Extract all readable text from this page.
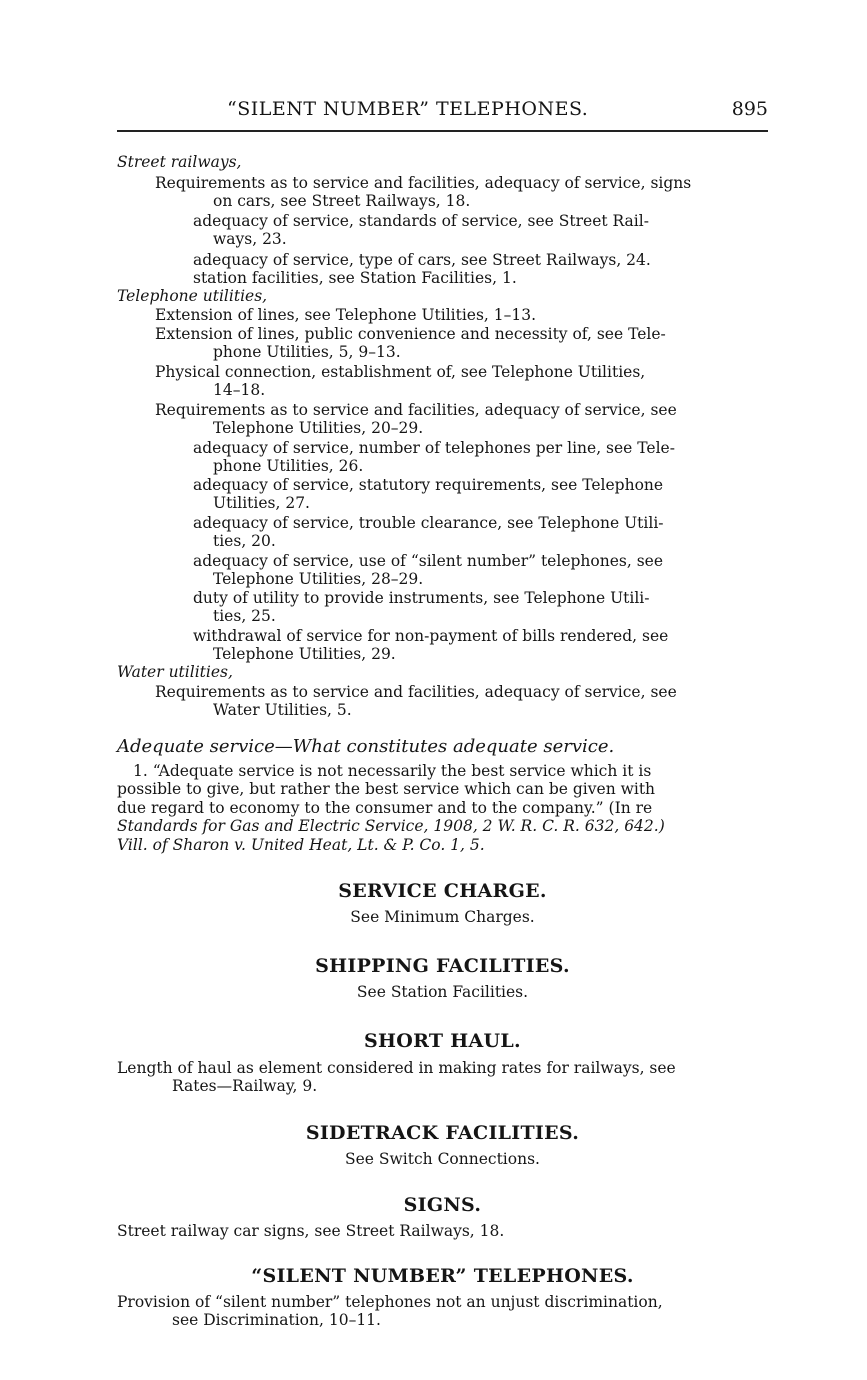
“SILENT NUMBER” TELEPHONES.	895
Street railways,
Requirements as to service and facilities, adequacy of service, signs
on cars, see Street Railways, 18.
adequacy of service, standards of service, see Street Rail-
ways, 23.
adequacy of service, type of cars, see Street Railways, 24.
station facilities, see Station Facilities, 1.
Telephone utilities,
Extension of lines, see Telephone Utilities, 1–13.
Extension of lines, public convenience and necessity of, see Tele-
phone Utilities, 5, 9–13.
Physical connection, establishment of, see Telephone Utilities,
14–18.
Requirements as to service and facilities, adequacy of service, see
Telephone Utilities, 20–29.
adequacy of service, number of telephones per line, see Tele-
phone Utilities, 26.
adequacy of service, statutory requirements, see Telephone
Utilities, 27.
adequacy of service, trouble clearance, see Telephone Utili-
ties, 20.
adequacy of service, use of “silent number” telephones, see
Telephone Utilities, 28–29.
duty of utility to provide instruments, see Telephone Utili-
ties, 25.
withdrawal of service for non-payment of bills rendered, see
Telephone Utilities, 29.
Water utilities,
Requirements as to service and facilities, adequacy of service, see
Water Utilities, 5.
Adequate service—What constitutes adequate service.
1. “Adequate service is not necessarily the best service which it is
possible to give, but rather the best service which can be given with
due regard to economy to the consumer and to the company.” (In re
Standards for Gas and Electric Service, 1908, 2 W. R. C. R. 632, 642.)
Vill. of Sharon v. United Heat, Lt. & P. Co. 1, 5.
SERVICE CHARGE.
See Minimum Charges.
SHIPPING FACILITIES.
See Station Facilities.
SHORT HAUL.
Length of haul as element considered in making rates for railways, see
Rates—Railway, 9.
SIDETRACK FACILITIES.
See Switch Connections.
SIGNS.
Street railway car signs, see Street Railways, 18.
“SILENT NUMBER” TELEPHONES.
Provision of “silent number” telephones not an unjust discrimination,
see Discrimination, 10–11.
